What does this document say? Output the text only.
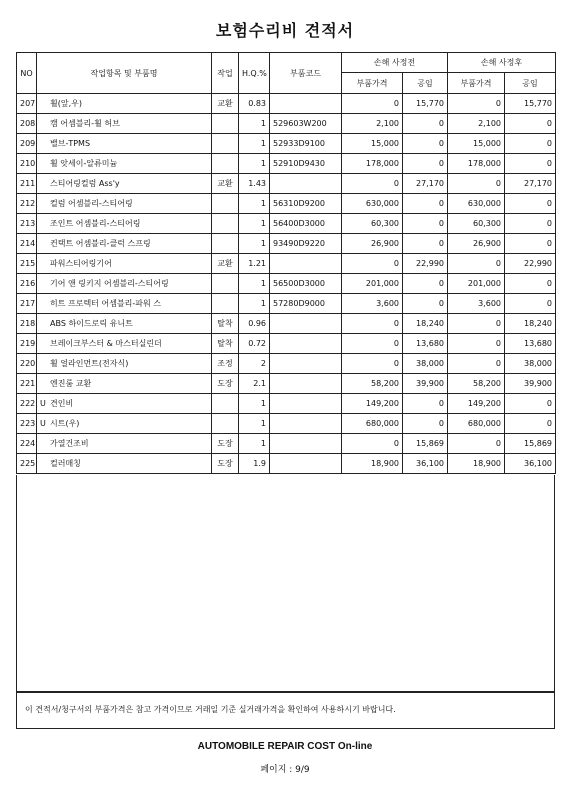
보험수리비 견적서
NO	작업항목 및 부품명	작업	H.Q.%	부품코드	손해 사정전		손해 사정후	
					부품가격	공임	부품가격	공임
207	휠(앞,우)	교환	0.83		0	15,770	0	15,770
208	캠 어셈블리-휠 허브		1	529603W200	2,100	0	2,100	0
209	밸브-TPMS		1	52933D9100	15,000	0	15,000	0
210	휠 앗세이-알류미늄		1	52910D9430	178,000	0	178,000	0
211	스티어링컬럼 Ass'y	교환	1.43		0	27,170	0	27,170
212	컬럼 어셈블리-스티어링		1	56310D9200	630,000	0	630,000	0
213	조인트 어셈블리-스티어링		1	56400D3000	60,300	0	60,300	0
214	컨택트 어셈블리-클럭 스프링		1	93490D9220	26,900	0	26,900	0
215	파워스티어링기어	교환	1.21		0	22,990	0	22,990
216	기어 앤 링키지 어셈블리-스티어링		1	56500D3000	201,000	0	201,000	0
217	히트 프로텍터 어셈블리-파워 스		1	57280D9000	3,600	0	3,600	0
218	ABS 하이드로릭 유니트	탈착	0.96		0	18,240	0	18,240
219	브레이크부스터 & 마스터실린더	탈착	0.72		0	13,680	0	13,680
220	휠 얼라인먼트(전자식)	조정	2		0	38,000	0	38,000
221	엔진룸 교환	도장	2.1		58,200	39,900	58,200	39,900
222	U 견인비		1		149,200	0	149,200	0
223	U 시트(우)		1		680,000	0	680,000	0
224	가열건조비	도장	1		0	15,869	0	15,869
225	컬러매칭	도장	1.9		18,900	36,100	18,900	36,100
이 견적서/청구서의 부품가격은 참고 가격이므로 거래일 기준 실거래가격을 확인하여 사용하시기 바랍니다.
AUTOMOBILE REPAIR COST On-line
페이지 : 9/9
